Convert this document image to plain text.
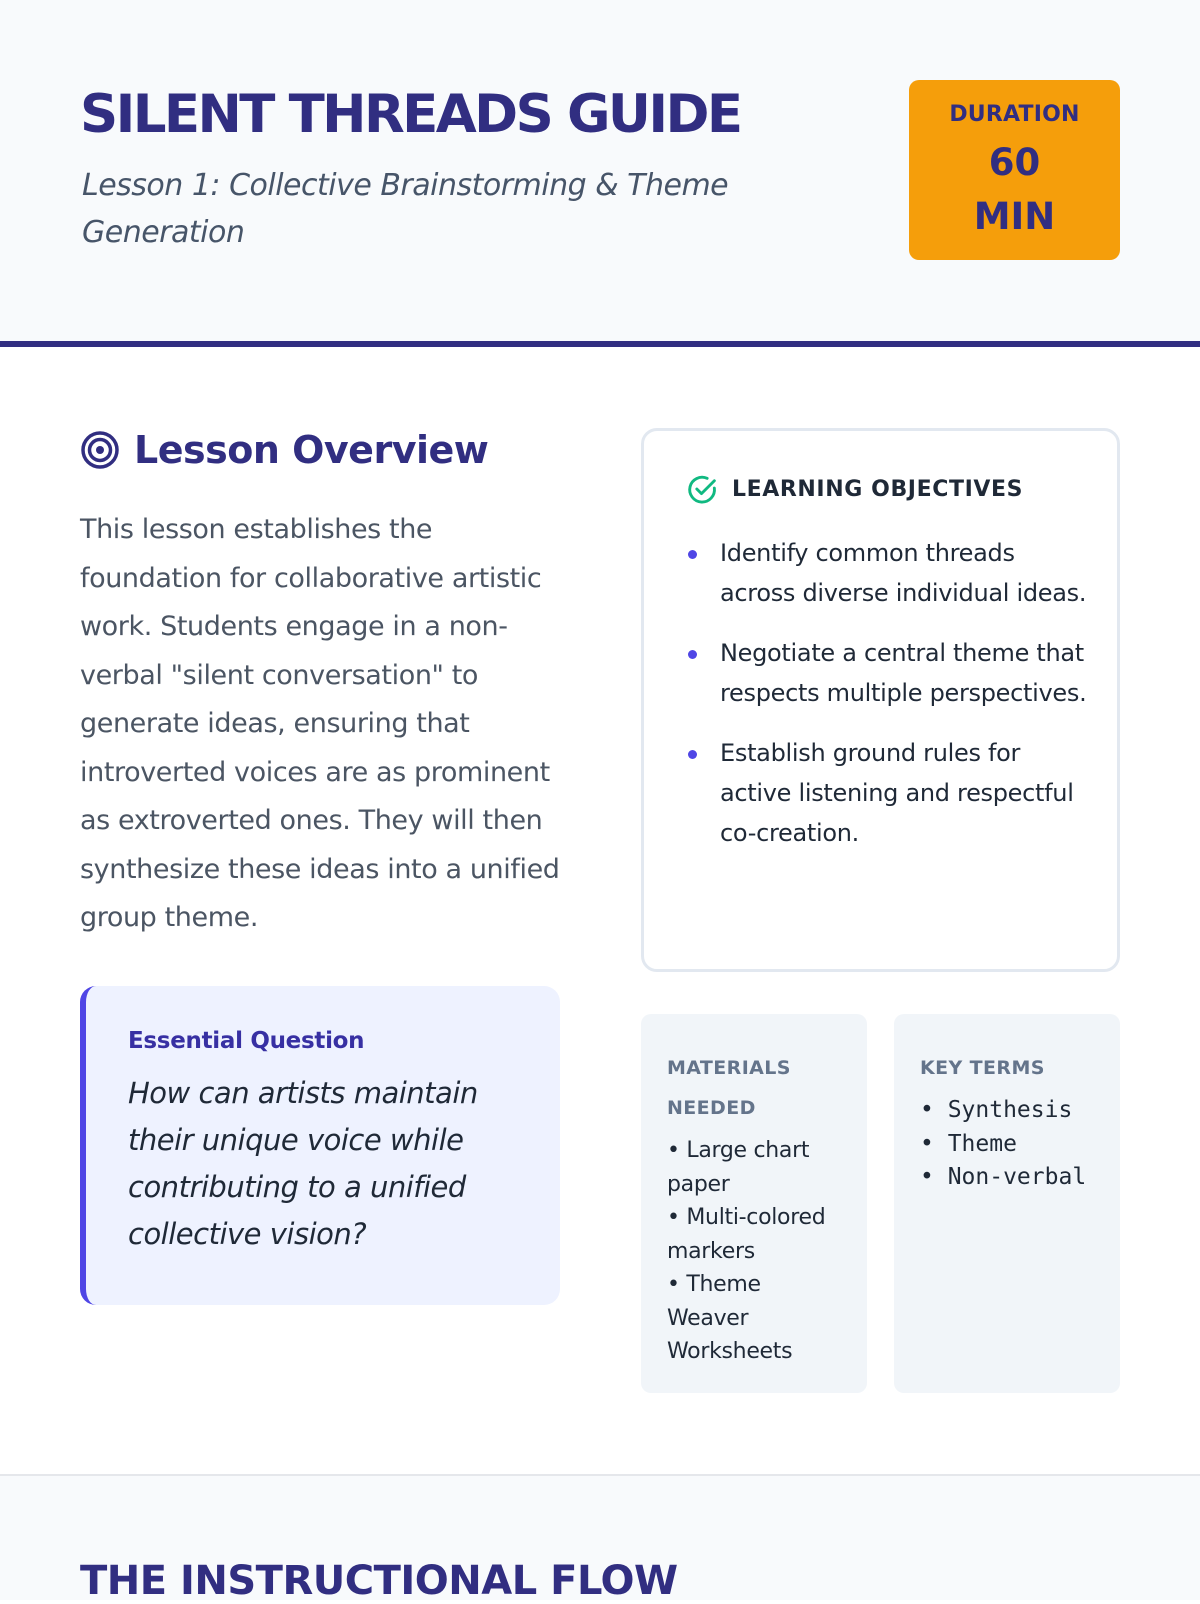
SILENT THREADS GUIDE

Lesson 1: Collective Brainstorming & Theme Generation

DURATION
60
MIN
Lesson Overview

This lesson establishes the foundation for collaborative artistic work. Students engage in a non-verbal "silent conversation" to generate ideas, ensuring that introverted voices are as prominent as extroverted ones. They will then synthesize these ideas into a unified group theme.

Essential Question

How can artists maintain their unique voice while contributing to a unified collective vision?

LEARNING OBJECTIVES
Identify common threads across diverse individual ideas.
Negotiate a central theme that respects multiple perspectives.
Establish ground rules for active listening and respectful co-creation.
MATERIALS NEEDED
• Large chart paper
• Multi-colored markers
• Theme Weaver Worksheets
KEY TERMS
• Synthesis
• Theme
• Non-verbal
THE INSTRUCTIONAL FLOW
